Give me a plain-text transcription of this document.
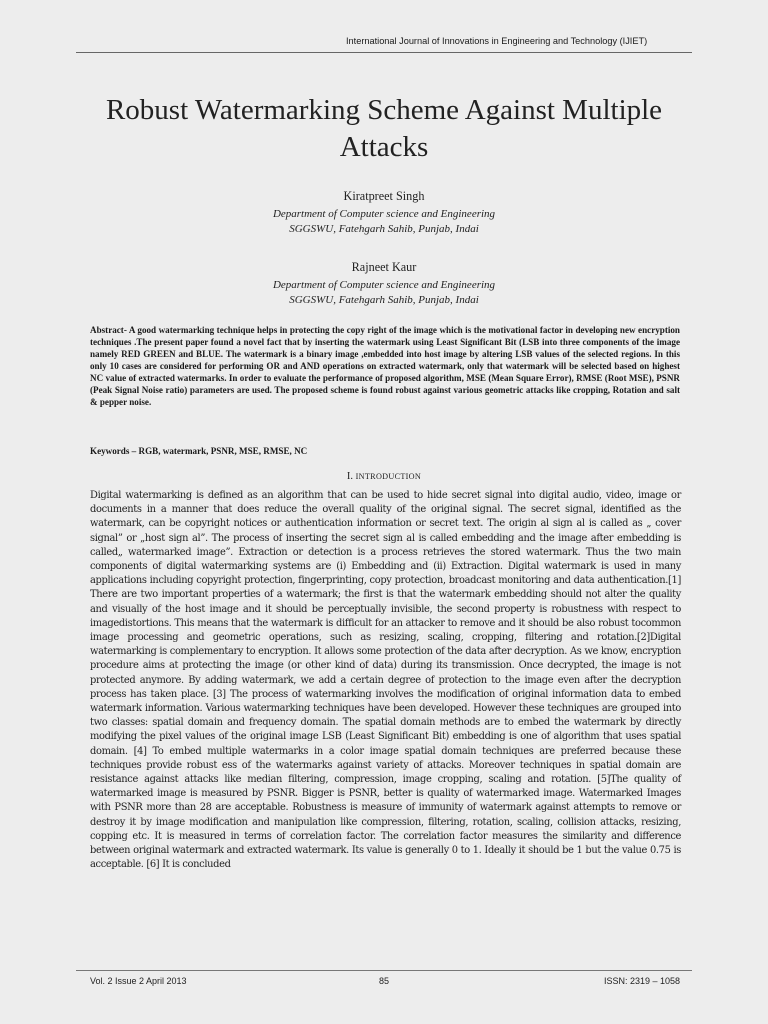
International Journal of Innovations in Engineering and Technology (IJIET)
Robust Watermarking Scheme Against Multiple
Attacks
Kiratpreet Singh
Department of Computer science and Engineering
SGGSWU, Fatehgarh Sahib, Punjab, Indai
Rajneet Kaur
Department of Computer science and Engineering
SGGSWU, Fatehgarh Sahib, Punjab, Indai
Abstract- A good watermarking technique helps in protecting the copy right of the image which is the motivational factor in developing new encryption techniques .The present paper found a novel fact that by inserting the watermark using Least Significant Bit (LSB into three components of the image namely RED GREEN and BLUE. The watermark is a binary image ,embedded into host image by altering LSB values of the selected regions. In this only 10 cases are considered for performing OR and AND operations on extracted watermark, only that watermark will be selected based on highest NC value of extracted watermarks. In order to evaluate the performance of proposed algorithm, MSE (Mean Square Error), RMSE (Root MSE), PSNR (Peak Signal Noise ratio) parameters are used. The proposed scheme is found robust against various geometric attacks like cropping, Rotation and salt & pepper noise.
Keywords – RGB, watermark, PSNR, MSE, RMSE, NC
I. INTRODUCTION
Digital watermarking is defined as an algorithm that can be used to hide secret signal into digital audio, video, image or documents in a manner that does reduce the overall quality of the original signal. The secret signal, identified as the watermark, can be copyright notices or authentication information or secret text. The origin al sign al is called as „ cover signal” or „host sign al”. The process of inserting the secret sign al is called embedding and the image after embedding is called„ watermarked image”. Extraction or detection is a process retrieves the stored watermark. Thus the two main components of digital watermarking systems are (i) Embedding and (ii) Extraction. Digital watermark is used in many applications including copyright protection, fingerprinting, copy protection, broadcast monitoring and data authentication.[1] There are two important properties of a watermark; the first is that the watermark embedding should not alter the quality and visually of the host image and it should be perceptually invisible, the second property is robustness with respect to imagedistortions. This means that the watermark is difficult for an attacker to remove and it should be also robust tocommon image processing and geometric operations, such as resizing, scaling, cropping, filtering and rotation.[2]Digital watermarking is complementary to encryption. It allows some protection of the data after decryption. As we know, encryption procedure aims at protecting the image (or other kind of data) during its transmission. Once decrypted, the image is not protected anymore. By adding watermark, we add a certain degree of protection to the image even after the decryption process has taken place. [3] The process of watermarking involves the modification of original information data to embed watermark information. Various watermarking techniques have been developed. However these techniques are grouped into two classes: spatial domain and frequency domain. The spatial domain methods are to embed the watermark by directly modifying the pixel values of the original image LSB (Least Significant Bit) embedding is one of algorithm that uses spatial domain. [4] To embed multiple watermarks in a color image spatial domain techniques are preferred because these techniques provide robust ess of the watermarks against variety of attacks. Moreover techniques in spatial domain are resistance against attacks like median filtering, compression, image cropping, scaling and rotation. [5]The quality of watermarked image is measured by PSNR. Bigger is PSNR, better is quality of watermarked image. Watermarked Images with PSNR more than 28 are acceptable. Robustness is measure of immunity of watermark against attempts to remove or destroy it by image modification and manipulation like compression, filtering, rotation, scaling, collision attacks, resizing, copping etc. It is measured in terms of correlation factor. The correlation factor measures the similarity and difference between original watermark and extracted watermark. Its value is generally 0 to 1. Ideally it should be 1 but the value 0.75 is acceptable. [6] It is concluded
Vol. 2 Issue 2 April 2013	85	ISSN: 2319 – 1058
